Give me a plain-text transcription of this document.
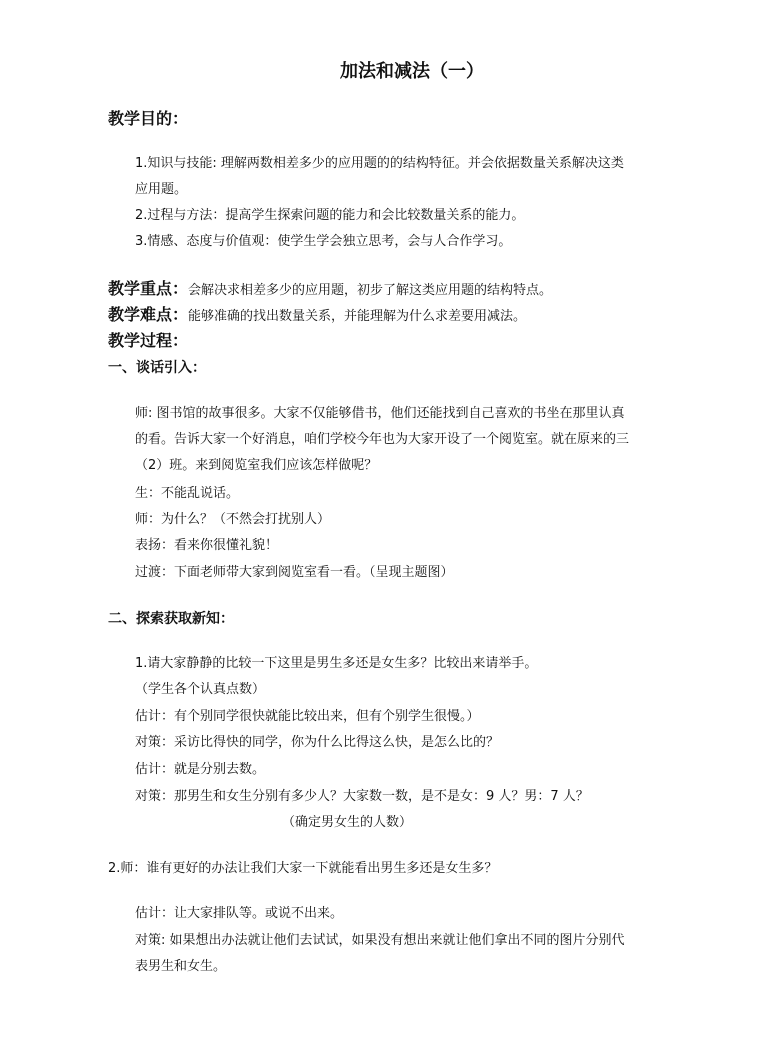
加法和减法（一）
教学目的：
1.知识与技能: 理解两数相差多少的应用题的的结构特征。并会依据数量关系解决这类
应用题。
2.过程与方法：提高学生探索问题的能力和会比较数量关系的能力。
3.情感、态度与价值观：使学生学会独立思考，会与人合作学习。
教学重点：会解决求相差多少的应用题，初步了解这类应用题的结构特点。
教学难点：能够准确的找出数量关系，并能理解为什么求差要用减法。
教学过程：
一、谈话引入：
师: 图书馆的故事很多。大家不仅能够借书，他们还能找到自己喜欢的书坐在那里认真
的看。告诉大家一个好消息，咱们学校今年也为大家开设了一个阅览室。就在原来的三
（2）班。来到阅览室我们应该怎样做呢？
生：不能乱说话。
师：为什么？（不然会打扰别人）
表扬：看来你很懂礼貌！
过渡：下面老师带大家到阅览室看一看。（呈现主题图）
二、探索获取新知：
1.请大家静静的比较一下这里是男生多还是女生多？比较出来请举手。
（学生各个认真点数）
估计：有个别同学很快就能比较出来，但有个别学生很慢。）
对策：采访比得快的同学，你为什么比得这么快，是怎么比的？
估计：就是分别去数。
对策：那男生和女生分别有多少人？大家数一数，是不是女：9 人？男：7 人？
（确定男女生的人数）
2.师：谁有更好的办法让我们大家一下就能看出男生多还是女生多？
估计：让大家排队等。或说不出来。
对策: 如果想出办法就让他们去试试，如果没有想出来就让他们拿出不同的图片分别代
表男生和女生。
